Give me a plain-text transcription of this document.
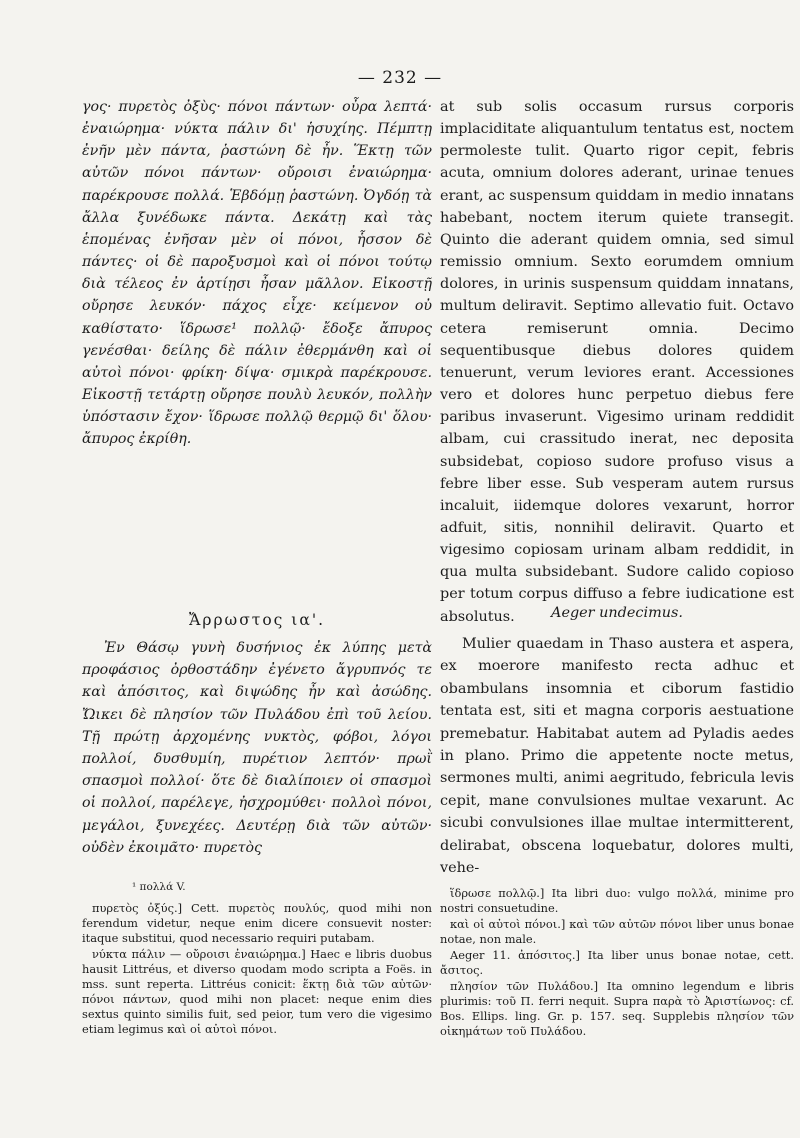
— 232 —
γος· πυρετὸς ὀξὺς· πόνοι πάντων· οὖρα λεπτά· ἐναιώρημα· νύκτα πάλιν δι' ἡσυχίης. Πέμπτῃ ἐνῆν μὲν πάντα, ῥαστώνη δὲ ἦν. Ἕκτῃ τῶν αὐτῶν πόνοι πάντων· οὔροισι ἐναιώρημα· παρέκρουσε πολλά. Ἑβδόμῃ ῥαστώνη. Ὀγδόῃ τὰ ἄλλα ξυνέδωκε πάντα. Δεκάτῃ καὶ τὰς ἑπομένας ἐνῆσαν μὲν οἱ πόνοι, ἧσσον δὲ πάντες· οἱ δὲ παροξυσμοὶ καὶ οἱ πόνοι τούτῳ διὰ τέλεος ἐν ἀρτίῃσι ἦσαν μᾶλλον. Εἰκοστῇ οὔρησε λευκόν· πάχος εἶχε· κείμενον οὐ καθίστατο· ἵδρωσε¹ πολλῷ· ἔδοξε ἄπυρος γενέσθαι· δείλης δὲ πάλιν ἐθερμάνθη καὶ οἱ αὐτοὶ πόνοι· φρίκη· δίψα· σμικρὰ παρέκρουσε. Εἰκοστῇ τετάρτῃ οὔρησε πουλὺ λευκόν, πολλὴν ὑπόστασιν ἔχον· ἵδρωσε πολλῷ θερμῷ δι' ὅλου· ἄπυρος ἐκρίθη.
at sub solis occasum rursus corporis implaciditate aliquantulum tentatus est, noctem permoleste tulit. Quarto rigor cepit, febris acuta, omnium dolores aderant, urinae tenues erant, ac suspensum quiddam in medio innatans habebant, noctem iterum quiete transegit. Quinto die aderant quidem omnia, sed simul remissio omnium. Sexto eorumdem omnium dolores, in urinis suspensum quiddam innatans, multum deliravit. Septimo allevatio fuit. Octavo cetera remiserunt omnia. Decimo sequentibusque diebus dolores quidem tenuerunt, verum leviores erant. Accessiones vero et dolores hunc perpetuo diebus fere paribus invaserunt. Vigesimo urinam reddidit albam, cui crassitudo inerat, nec deposita subsidebat, copioso sudore profuso visus a febre liber esse. Sub vesperam autem rursus incaluit, iidemque dolores vexarunt, horror adfuit, sitis, nonnihil deliravit. Quarto et vigesimo copiosam urinam albam reddidit, in qua multa subsidebant. Sudore calido copioso per totum corpus diffuso a febre iudicatione est absolutus.
Ἄρρωστος ια'.	Aeger undecimus.
Ἐν Θάσῳ γυνὴ δυσήνιος ἐκ λύπης μετὰ προφάσιος ὀρθοστάδην ἐγένετο ἄγρυπνός τε καὶ ἀπόσιτος, καὶ διψώδης ἦν καὶ ἀσώδης. Ὤικει δὲ πλησίον τῶν Πυλάδου ἐπὶ τοῦ λείου. Τῇ πρώτῃ ἀρχομένης νυκτὸς, φόβοι, λόγοι πολλοί, δυσθυμίη, πυρέτιον λεπτόν· πρωῒ σπασμοὶ πολλοί· ὅτε δὲ διαλίποιεν οἱ σπασμοὶ οἱ πολλοί, παρέλεγε, ἠσχρομύθει· πολλοὶ πόνοι, μεγάλοι, ξυνεχέες. Δευτέρῃ διὰ τῶν αὐτῶν· οὐδὲν ἐκοιμᾶτο· πυρετὸς
Mulier quaedam in Thaso austera et aspera, ex moerore manifesto recta adhuc et obambulans insomnia et ciborum fastidio tentata est, siti et magna corporis aestuatione premebatur. Habitabat autem ad Pyladis aedes in plano. Primo die appetente nocte metus, sermones multi, animi aegritudo, febricula levis cepit, mane convulsiones multae vexarunt. Ac sicubi convulsiones illae multae intermitterent, delirabat, obscena loquebatur, dolores multi, vehe-
¹ πολλά V.

πυρετὸς ὀξύς.] Cett. πυρετὸς πουλύς, quod mihi non ferendum videtur, neque enim dicere consuevit noster: itaque substitui, quod necessario requiri putabam.

νύκτα πάλιν — οὔροισι ἐναιώρημα.] Haec e libris duobus hausit Littréus, et diverso quodam modo scripta a Foës. in mss. sunt reperta. Littréus conicit: ἕκτῃ διὰ τῶν αὐτῶν· πόνοι πάντων, quod mihi non placet: neque enim dies sextus quinto similis fuit, sed peior, tum vero die vigesimo etiam legimus καὶ οἱ αὐτοὶ πόνοι.

ἵδρωσε πολλῷ.] Ita libri duo: vulgo πολλά, minime pro nostri consuetudine.

καὶ οἱ αὐτοὶ πόνοι.] καὶ τῶν αὐτῶν πόνοι liber unus bonae notae, non male.

Aeger 11. ἀπόσιτος.] Ita liber unus bonae notae, cett. ἄσιτος.

πλησίον τῶν Πυλάδου.] Ita omnino legendum e libris plurimis: τοῦ Π. ferri nequit. Supra παρὰ τὸ Ἀριστίωνος: cf. Bos. Ellips. ling. Gr. p. 157. seq. Supplebis πλησίον τῶν οἰκημάτων τοῦ Πυλάδου.
